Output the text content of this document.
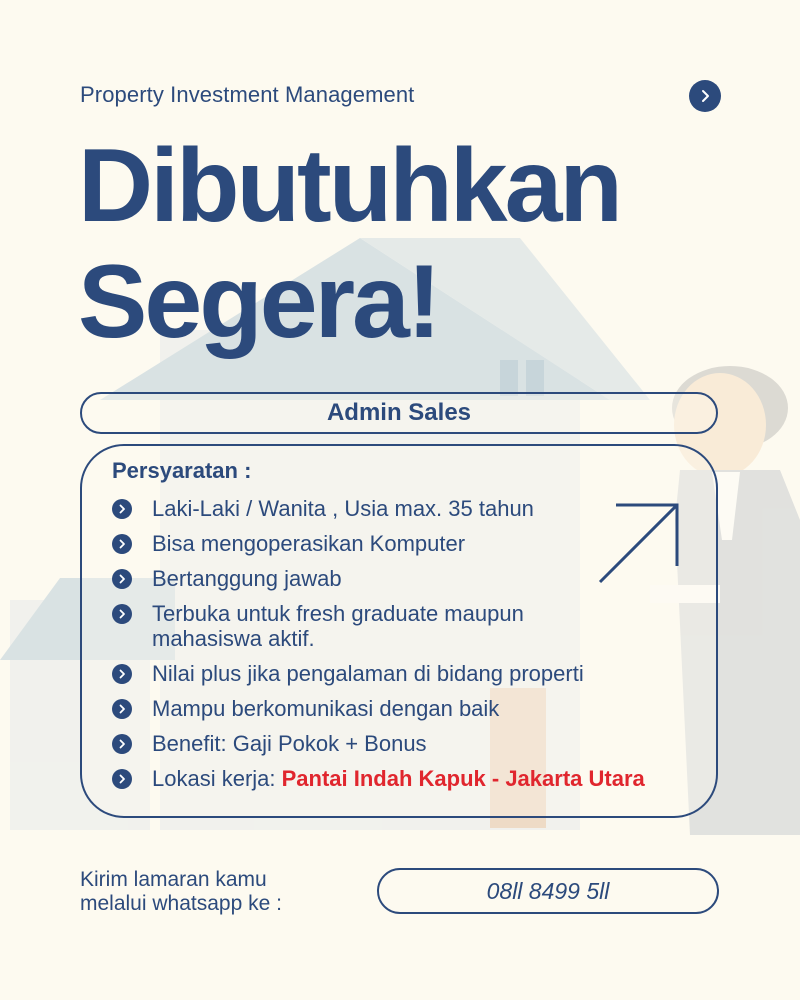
Property Investment Management
Dibutuhkan
Segera!
Admin Sales
Persyaratan :
Laki-Laki / Wanita , Usia max. 35 tahun
Bisa mengoperasikan Komputer
Bertanggung jawab
Terbuka untuk fresh graduate maupun mahasiswa aktif.
Nilai plus jika pengalaman di bidang properti
Mampu berkomunikasi dengan baik
Benefit: Gaji Pokok + Bonus
Lokasi kerja: Pantai Indah Kapuk - Jakarta Utara
Kirim lamaran kamu
melalui whatsapp ke :	08ll 8499 5ll
